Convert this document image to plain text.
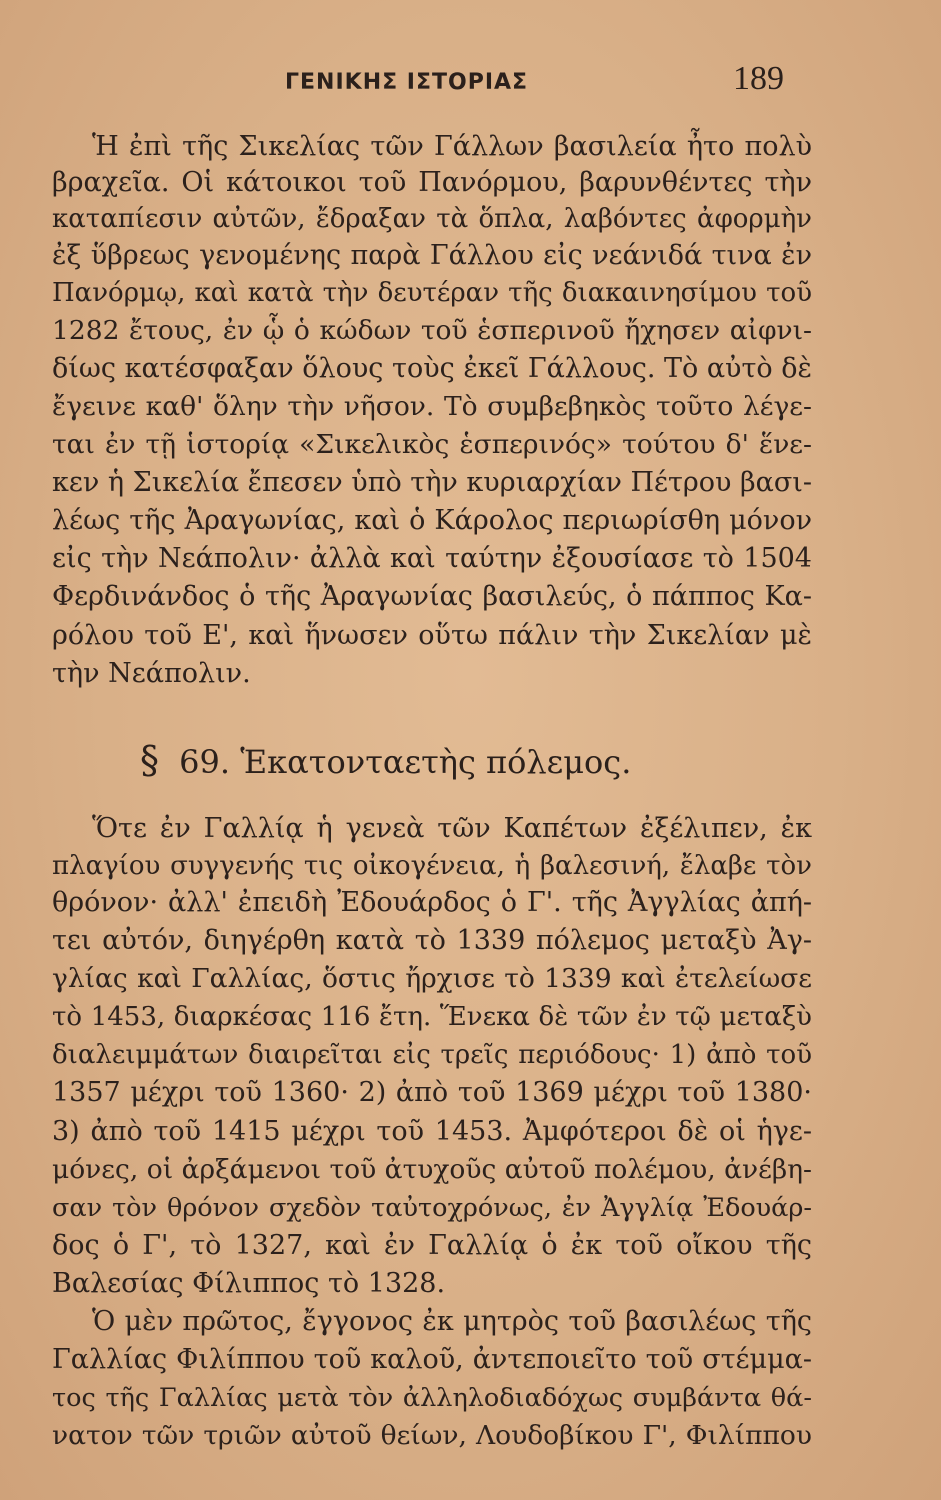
ΓΕΝΙΚΗΣ ΙΣΤΟΡΙΑΣ	189
Ἡ ἐπὶ τῆς Σικελίας τῶν Γάλλων βασιλεία ἦτο πολὺ
βραχεῖα. Οἱ κάτοικοι τοῦ Πανόρμου, βαρυνθέντες τὴν
καταπίεσιν αὐτῶν, ἔδραξαν τὰ ὅπλα, λαβόντες ἀφορμὴν
ἐξ ὕβρεως γενομένης παρὰ Γάλλου εἰς νεάνιδά τινα ἐν
Πανόρμῳ, καὶ κατὰ τὴν δευτέραν τῆς διακαινησίμου τοῦ
1282 ἔτους, ἐν ᾧ ὁ κώδων τοῦ ἑσπερινοῦ ἤχησεν αἰφνι-
δίως κατέσφαξαν ὅλους τοὺς ἐκεῖ Γάλλους. Τὸ αὐτὸ δὲ
ἔγεινε καθ' ὅλην τὴν νῆσον. Τὸ συμβεβηκὸς τοῦτο λέγε-
ται ἐν τῇ ἱστορίᾳ «Σικελικὸς ἑσπερινός» τούτου δ' ἕνε-
κεν ἡ Σικελία ἔπεσεν ὑπὸ τὴν κυριαρχίαν Πέτρου βασι-
λέως τῆς Ἀραγωνίας, καὶ ὁ Κάρολος περιωρίσθη μόνον
εἰς τὴν Νεάπολιν· ἀλλὰ καὶ ταύτην ἐξουσίασε τὸ 1504
Φερδινάνδος ὁ τῆς Ἀραγωνίας βασιλεύς, ὁ πάππος Κα-
ρόλου τοῦ Ε', καὶ ἥνωσεν οὕτω πάλιν τὴν Σικελίαν μὲ
τὴν Νεάπολιν.
§ 69. Ἑκατονταετὴς πόλεμος.
Ὅτε ἐν Γαλλίᾳ ἡ γενεὰ τῶν Καπέτων ἐξέλιπεν, ἐκ
πλαγίου συγγενής τις οἰκογένεια, ἡ βαλεσινή, ἔλαβε τὸν
θρόνον· ἀλλ' ἐπειδὴ Ἐδουάρδος ὁ Γ'. τῆς Ἀγγλίας ἀπή-
τει αὐτόν, διηγέρθη κατὰ τὸ 1339 πόλεμος μεταξὺ Ἀγ-
γλίας καὶ Γαλλίας, ὅστις ἤρχισε τὸ 1339 καὶ ἐτελείωσε
τὸ 1453, διαρκέσας 116 ἔτη. Ἕνεκα δὲ τῶν ἐν τῷ μεταξὺ
διαλειμμάτων διαιρεῖται εἰς τρεῖς περιόδους· 1) ἀπὸ τοῦ
1357 μέχρι τοῦ 1360· 2) ἀπὸ τοῦ 1369 μέχρι τοῦ 1380·
3) ἀπὸ τοῦ 1415 μέχρι τοῦ 1453. Ἀμφότεροι δὲ οἱ ἡγε-
μόνες, οἱ ἀρξάμενοι τοῦ ἀτυχοῦς αὐτοῦ πολέμου, ἀνέβη-
σαν τὸν θρόνον σχεδὸν ταὐτοχρόνως, ἐν Ἀγγλίᾳ Ἐδουάρ-
δος ὁ Γ', τὸ 1327, καὶ ἐν Γαλλίᾳ ὁ ἐκ τοῦ οἴκου τῆς
Βαλεσίας Φίλιππος τὸ 1328.
Ὁ μὲν πρῶτος, ἔγγονος ἐκ μητρὸς τοῦ βασιλέως τῆς
Γαλλίας Φιλίππου τοῦ καλοῦ, ἀντεποιεῖτο τοῦ στέμμα-
τος τῆς Γαλλίας μετὰ τὸν ἀλληλοδιαδόχως συμβάντα θά-
νατον τῶν τριῶν αὐτοῦ θείων, Λουδοβίκου Γ', Φιλίππου
